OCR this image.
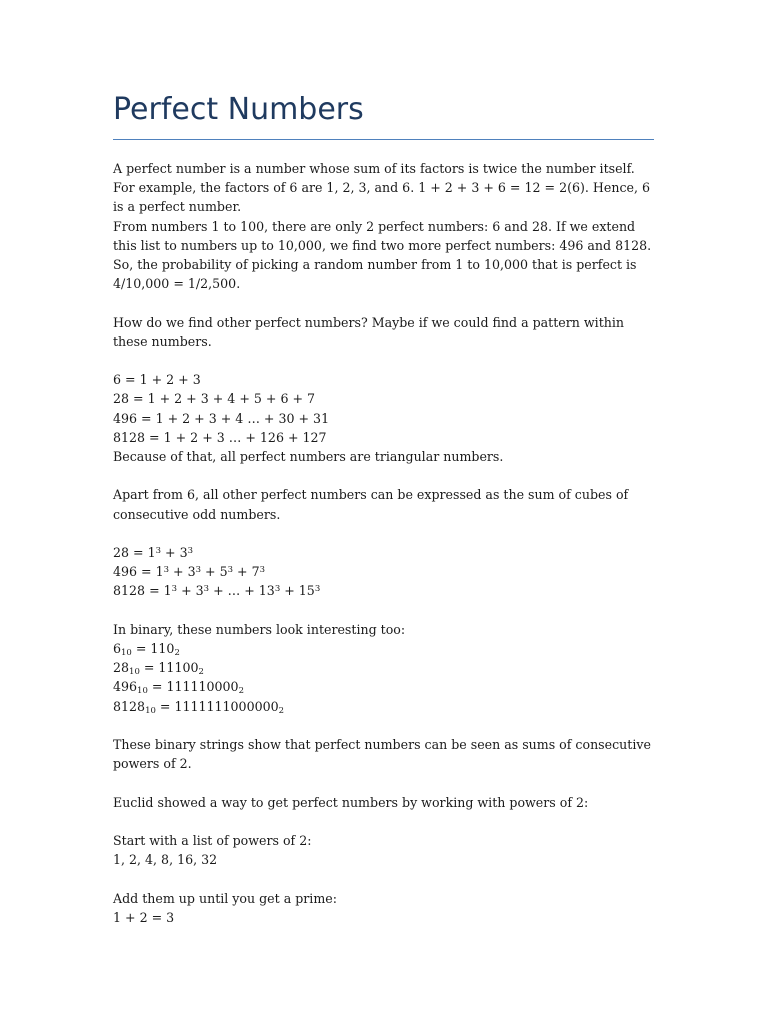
Perfect Numbers

A perfect number is a number whose sum of its factors is twice the number itself. For example, the factors of 6 are 1, 2, 3, and 6. 1 + 2 + 3 + 6 = 12 = 2(6). Hence, 6 is a perfect number.

From numbers 1 to 100, there are only 2 perfect numbers: 6 and 28. If we extend this list to numbers up to 10,000, we find two more perfect numbers: 496 and 8128. So, the probability of picking a random number from 1 to 10,000 that is perfect is 4/10,000 = 1/2,500.

How do we find other perfect numbers? Maybe if we could find a pattern within these numbers.

6 = 1 + 2 + 3

28 = 1 + 2 + 3 + 4 + 5 + 6 + 7

496 = 1 + 2 + 3 + 4 … + 30 + 31

8128 = 1 + 2 + 3 … + 126 + 127

Because of that, all perfect numbers are triangular numbers.

Apart from 6, all other perfect numbers can be expressed as the sum of cubes of consecutive odd numbers.

$28 = 1^3 + 3^3$

$496 = 1^3 + 3^3 + 5^3 + 7^3$

$8128 = 1^3 + 3^3$ + … + $13^3 + 15^3$

In binary, these numbers look interesting too:

$6_{10} = 110_2$

$28_{10} = 11100_2$

$496_{10} = 111110000_2$

$8128_{10} = 1111111000000_2$

These binary strings show that perfect numbers can be seen as sums of consecutive powers of 2.

Euclid showed a way to get perfect numbers by working with powers of 2:

Start with a list of powers of 2:

1, 2, 4, 8, 16, 32

Add them up until you get a prime:

1 + 2 = 3
